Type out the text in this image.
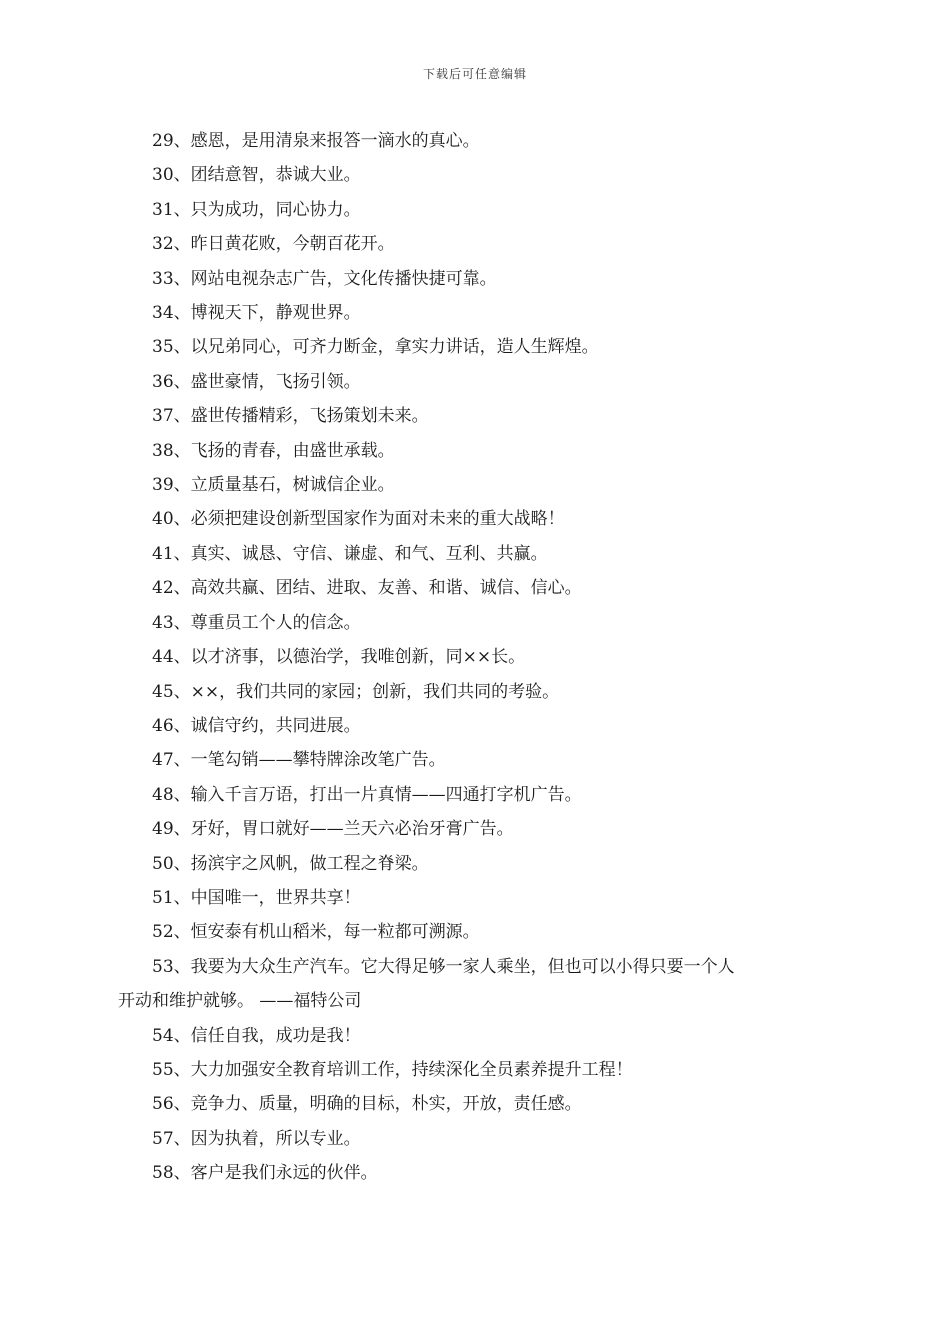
下载后可任意编辑
29、感恩，是用清泉来报答一滴水的真心。
30、团结意智，恭诚大业。
31、只为成功，同心协力。
32、昨日黄花败，今朝百花开。
33、网站电视杂志广告，文化传播快捷可靠。
34、博视天下，静观世界。
35、以兄弟同心，可齐力断金，拿实力讲话，造人生辉煌。
36、盛世豪情，飞扬引领。
37、盛世传播精彩，飞扬策划未来。
38、飞扬的青春，由盛世承载。
39、立质量基石，树诚信企业。
40、必须把建设创新型国家作为面对未来的重大战略！
41、真实、诚恳、守信、谦虚、和气、互利、共赢。
42、高效共赢、团结、进取、友善、和谐、诚信、信心。
43、尊重员工个人的信念。
44、以才济事，以德治学，我唯创新，同××长。
45、××，我们共同的家园；创新，我们共同的考验。
46、诚信守约，共同进展。
47、一笔勾销——攀特牌涂改笔广告。
48、输入千言万语，打出一片真情——四通打字机广告。
49、牙好，胃口就好——兰天六必治牙膏广告。
50、扬滨宇之风帆，做工程之脊梁。
51、中国唯一，世界共享！
52、恒安泰有机山稻米，每一粒都可溯源。
53、我要为大众生产汽车。它大得足够一家人乘坐，但也可以小得只要一个人
开动和维护就够。 ——福特公司
54、信任自我，成功是我！
55、大力加强安全教育培训工作，持续深化全员素养提升工程！
56、竞争力、质量，明确的目标，朴实，开放，责任感。
57、因为执着，所以专业。
58、客户是我们永远的伙伴。
